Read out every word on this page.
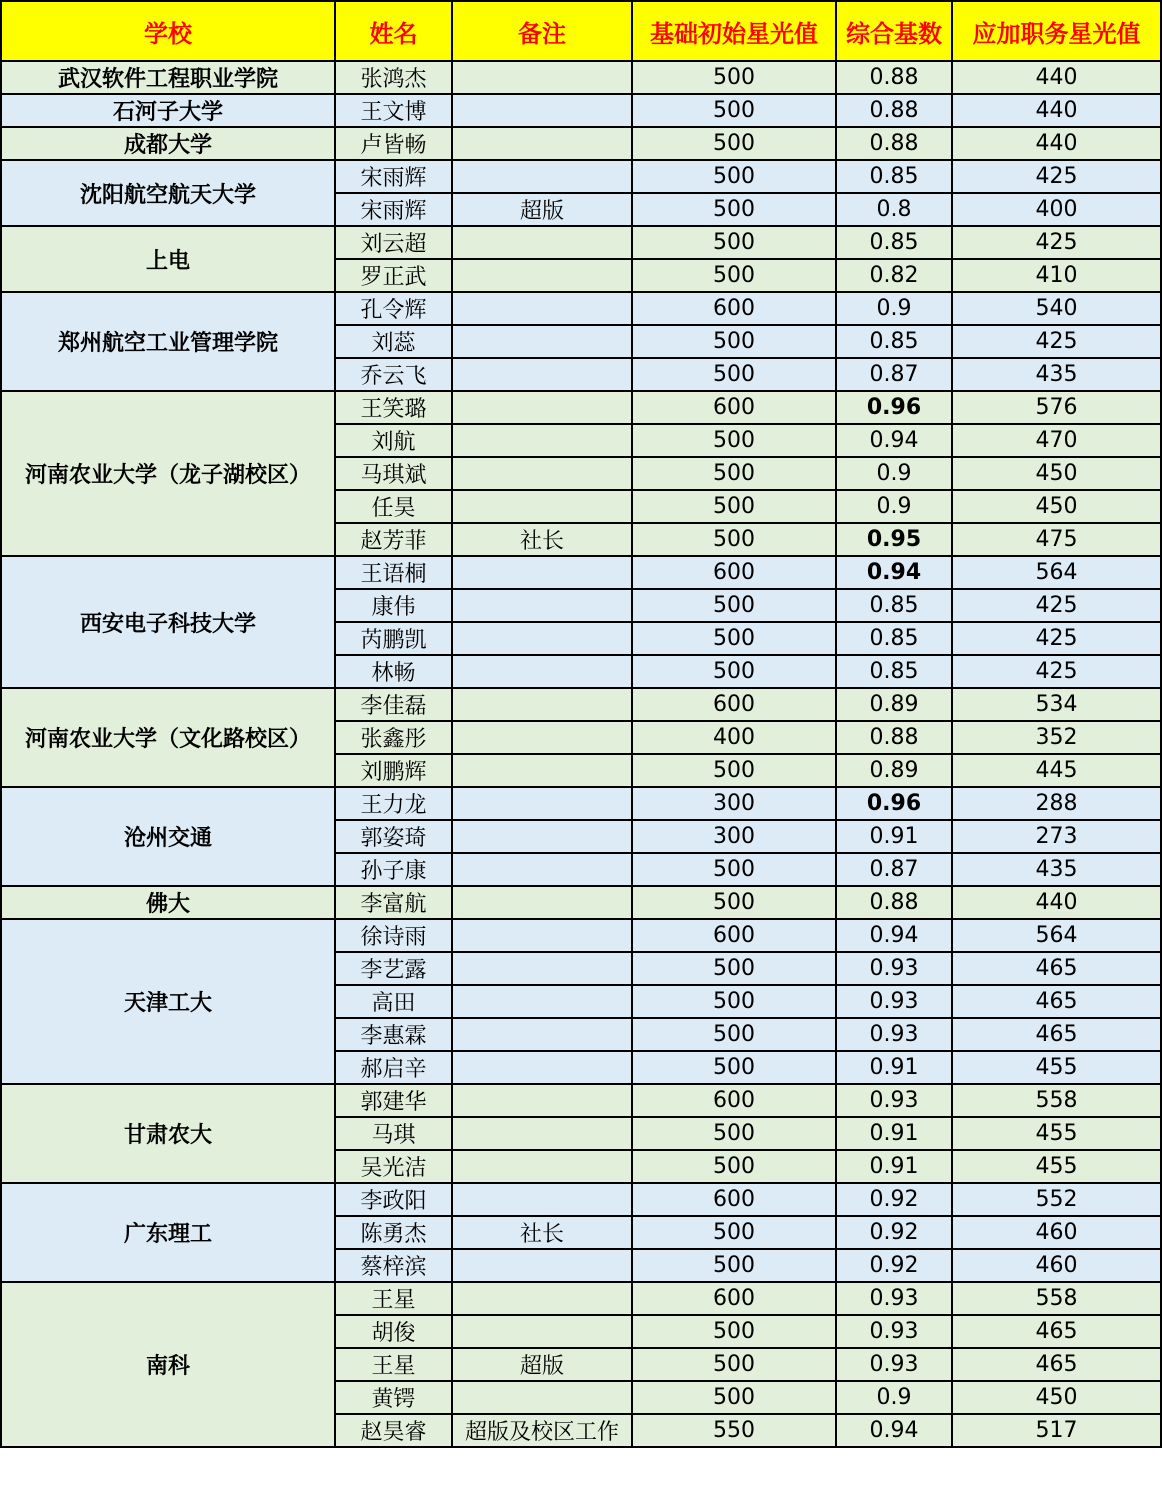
学校	姓名	备注	基础初始星光值	综合基数	应加职务星光值
武汉软件工程职业学院	张鸿杰		500	0.88	440
石河子大学	王文博		500	0.88	440
成都大学	卢皆畅		500	0.88	440
沈阳航空航天大学	宋雨辉		500	0.85	425
	宋雨辉	超版	500	0.8	400
上电	刘云超		500	0.85	425
	罗正武		500	0.82	410
郑州航空工业管理学院	孔令辉		600	0.9	540
	刘蕊		500	0.85	425
	乔云飞		500	0.87	435
河南农业大学（龙子湖校区）	王笑璐		600	0.96	576
	刘航		500	0.94	470
	马琪斌		500	0.9	450
	任昊		500	0.9	450
	赵芳菲	社长	500	0.95	475
西安电子科技大学	王语桐		600	0.94	564
	康伟		500	0.85	425
	芮鹏凯		500	0.85	425
	林畅		500	0.85	425
河南农业大学（文化路校区）	李佳磊		600	0.89	534
	张鑫彤		400	0.88	352
	刘鹏辉		500	0.89	445
沧州交通	王力龙		300	0.96	288
	郭姿琦		300	0.91	273
	孙子康		500	0.87	435
佛大	李富航		500	0.88	440
天津工大	徐诗雨		600	0.94	564
	李艺露		500	0.93	465
	高田		500	0.93	465
	李惠霖		500	0.93	465
	郝启辛		500	0.91	455
甘肃农大	郭建华		600	0.93	558
	马琪		500	0.91	455
	吴光洁		500	0.91	455
广东理工	李政阳		600	0.92	552
	陈勇杰	社长	500	0.92	460
	蔡梓滨		500	0.92	460
南科	王星		600	0.93	558
	胡俊		500	0.93	465
	王星	超版	500	0.93	465
	黄锷		500	0.9	450
	赵昊睿	超版及校区工作	550	0.94	517
